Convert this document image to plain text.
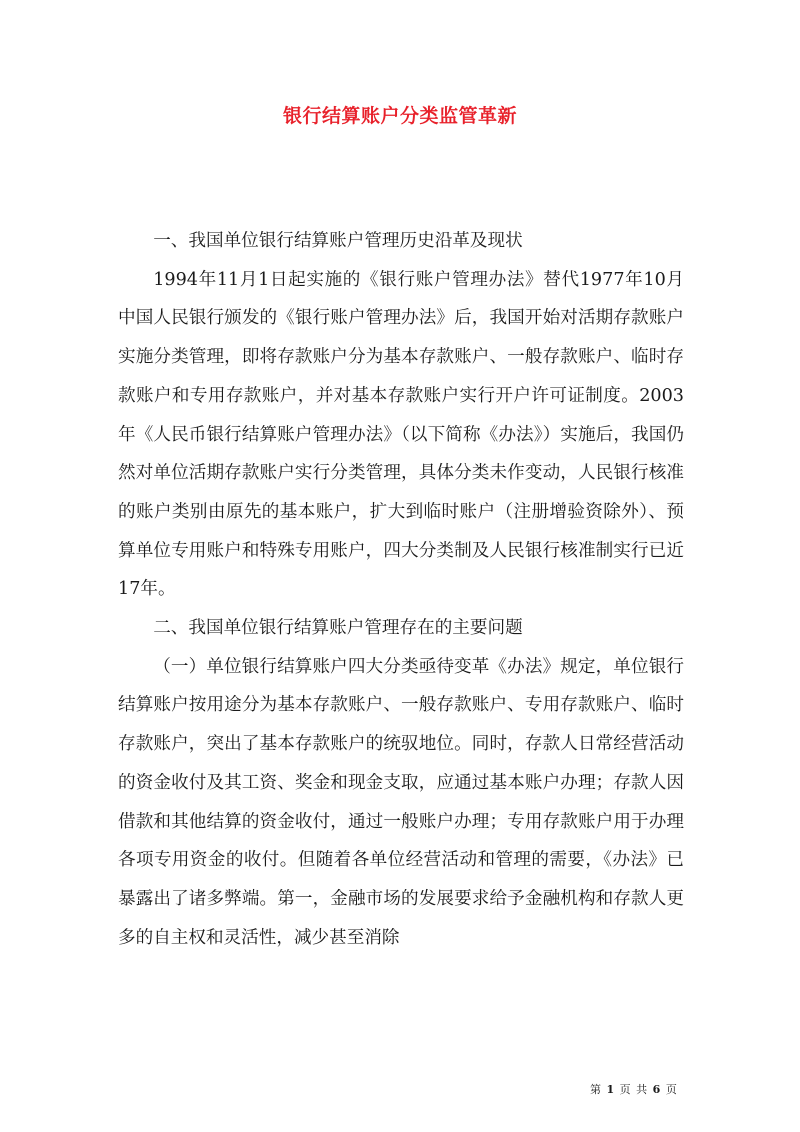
银行结算账户分类监管革新

一、我国单位银行结算账户管理历史沿革及现状

1994年11月1日起实施的《银行账户管理办法》替代1977年10月中国人民银行颁发的《银行账户管理办法》后，我国开始对活期存款账户实施分类管理，即将存款账户分为基本存款账户、一般存款账户、临时存款账户和专用存款账户，并对基本存款账户实行开户许可证制度。2003年《人民币银行结算账户管理办法》（以下简称《办法》）实施后，我国仍然对单位活期存款账户实行分类管理，具体分类未作变动，人民银行核准的账户类别由原先的基本账户，扩大到临时账户（注册增验资除外）、预算单位专用账户和特殊专用账户，四大分类制及人民银行核准制实行已近17年。

二、我国单位银行结算账户管理存在的主要问题

（一）单位银行结算账户四大分类亟待变革《办法》规定，单位银行结算账户按用途分为基本存款账户、一般存款账户、专用存款账户、临时存款账户，突出了基本存款账户的统驭地位。同时，存款人日常经营活动的资金收付及其工资、奖金和现金支取，应通过基本账户办理；存款人因借款和其他结算的资金收付，通过一般账户办理；专用存款账户用于办理各项专用资金的收付。但随着各单位经营活动和管理的需要，《办法》已暴露出了诸多弊端。第一，金融市场的发展要求给予金融机构和存款人更多的自主权和灵活性，减少甚至消除

第 1 页 共 6 页
